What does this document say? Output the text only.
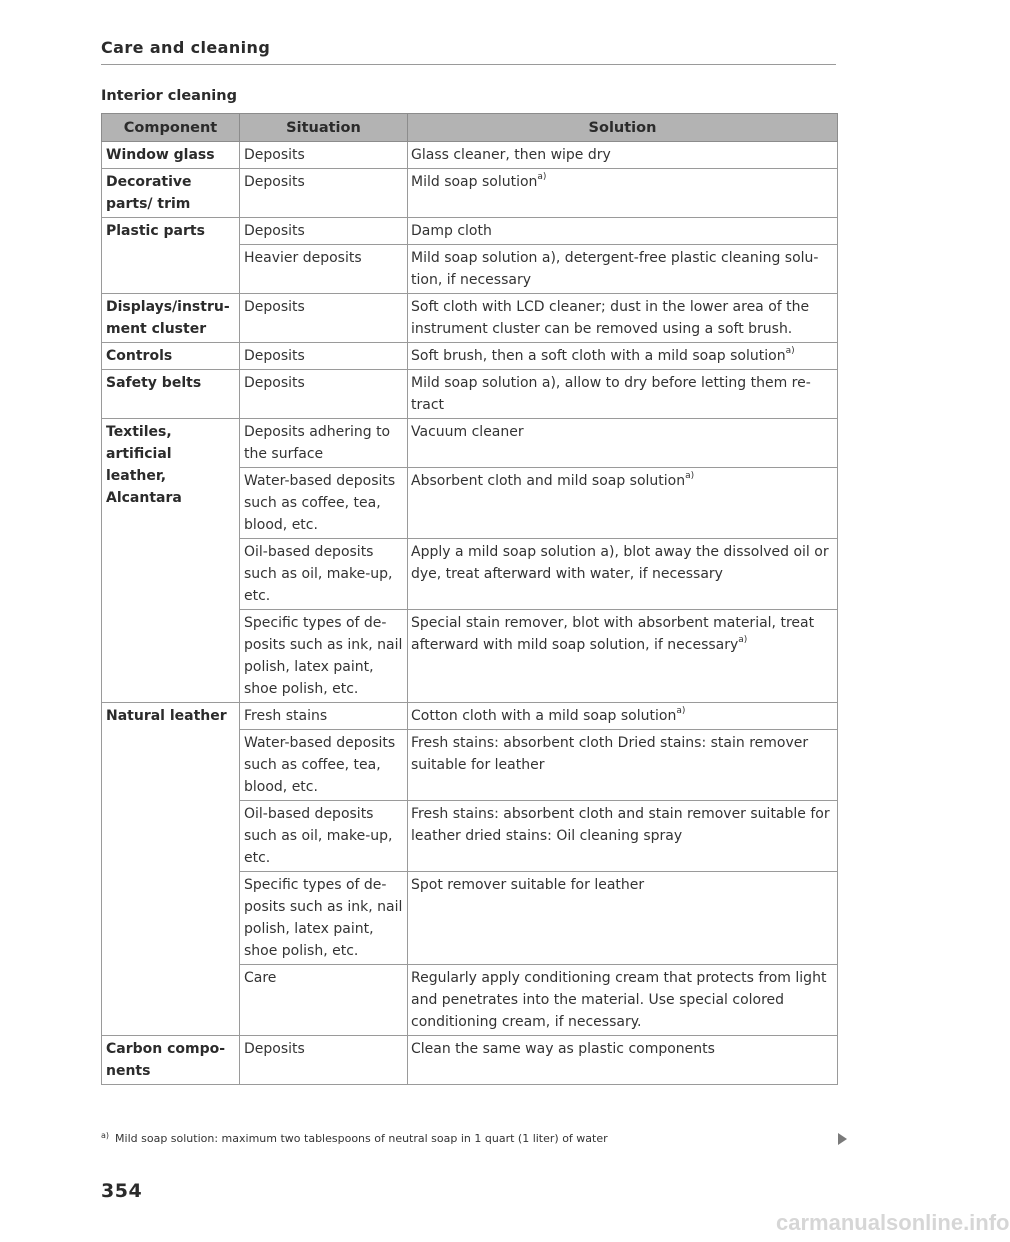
Care and cleaning
Interior cleaning
Component	Situation	Solution
Window glass	Deposits	Glass cleaner, then wipe dry
Decorative parts/ trim	Deposits	Mild soap solution$^{a)}$
Plastic parts	Deposits	Damp cloth
	Heavier deposits	Mild soap solution a), detergent-free plastic cleaning solu-tion, if necessary
Displays/instru-ment cluster	Deposits	Soft cloth with LCD cleaner; dust in the lower area of the instrument cluster can be removed using a soft brush.
Controls	Deposits	Soft brush, then a soft cloth with a mild soap solution$^{a)}$
Safety belts	Deposits	Mild soap solution a), allow to dry before letting them re-tract
Textiles, artificial leather, Alcantara	Deposits adhering to the surface	Vacuum cleaner
	Water-based deposits such as coffee, tea, blood, etc.	Absorbent cloth and mild soap solution$^{a)}$
	Oil-based deposits such as oil, make-up, etc.	Apply a mild soap solution a), blot away the dissolved oil or dye, treat afterward with water, if necessary
	Specific types of de-posits such as ink, nail polish, latex paint, shoe polish, etc.	Special stain remover, blot with absorbent material, treat afterward with mild soap solution, if necessary$^{a)}$
Natural leather	Fresh stains	Cotton cloth with a mild soap solution$^{a)}$
	Water-based deposits such as coffee, tea, blood, etc.	Fresh stains: absorbent cloth Dried stains: stain remover suitable for leather
	Oil-based deposits such as oil, make-up, etc.	Fresh stains: absorbent cloth and stain remover suitable for leather dried stains: Oil cleaning spray
	Specific types of de-posits such as ink, nail polish, latex paint, shoe polish, etc.	Spot remover suitable for leather
	Care	Regularly apply conditioning cream that protects from light and penetrates into the material. Use special colored conditioning cream, if necessary.
Carbon compo-nents	Deposits	Clean the same way as plastic components
$^{a)}$ Mild soap solution: maximum two tablespoons of neutral soap in 1 quart (1 liter) of water
354
carmanualsonline.info
